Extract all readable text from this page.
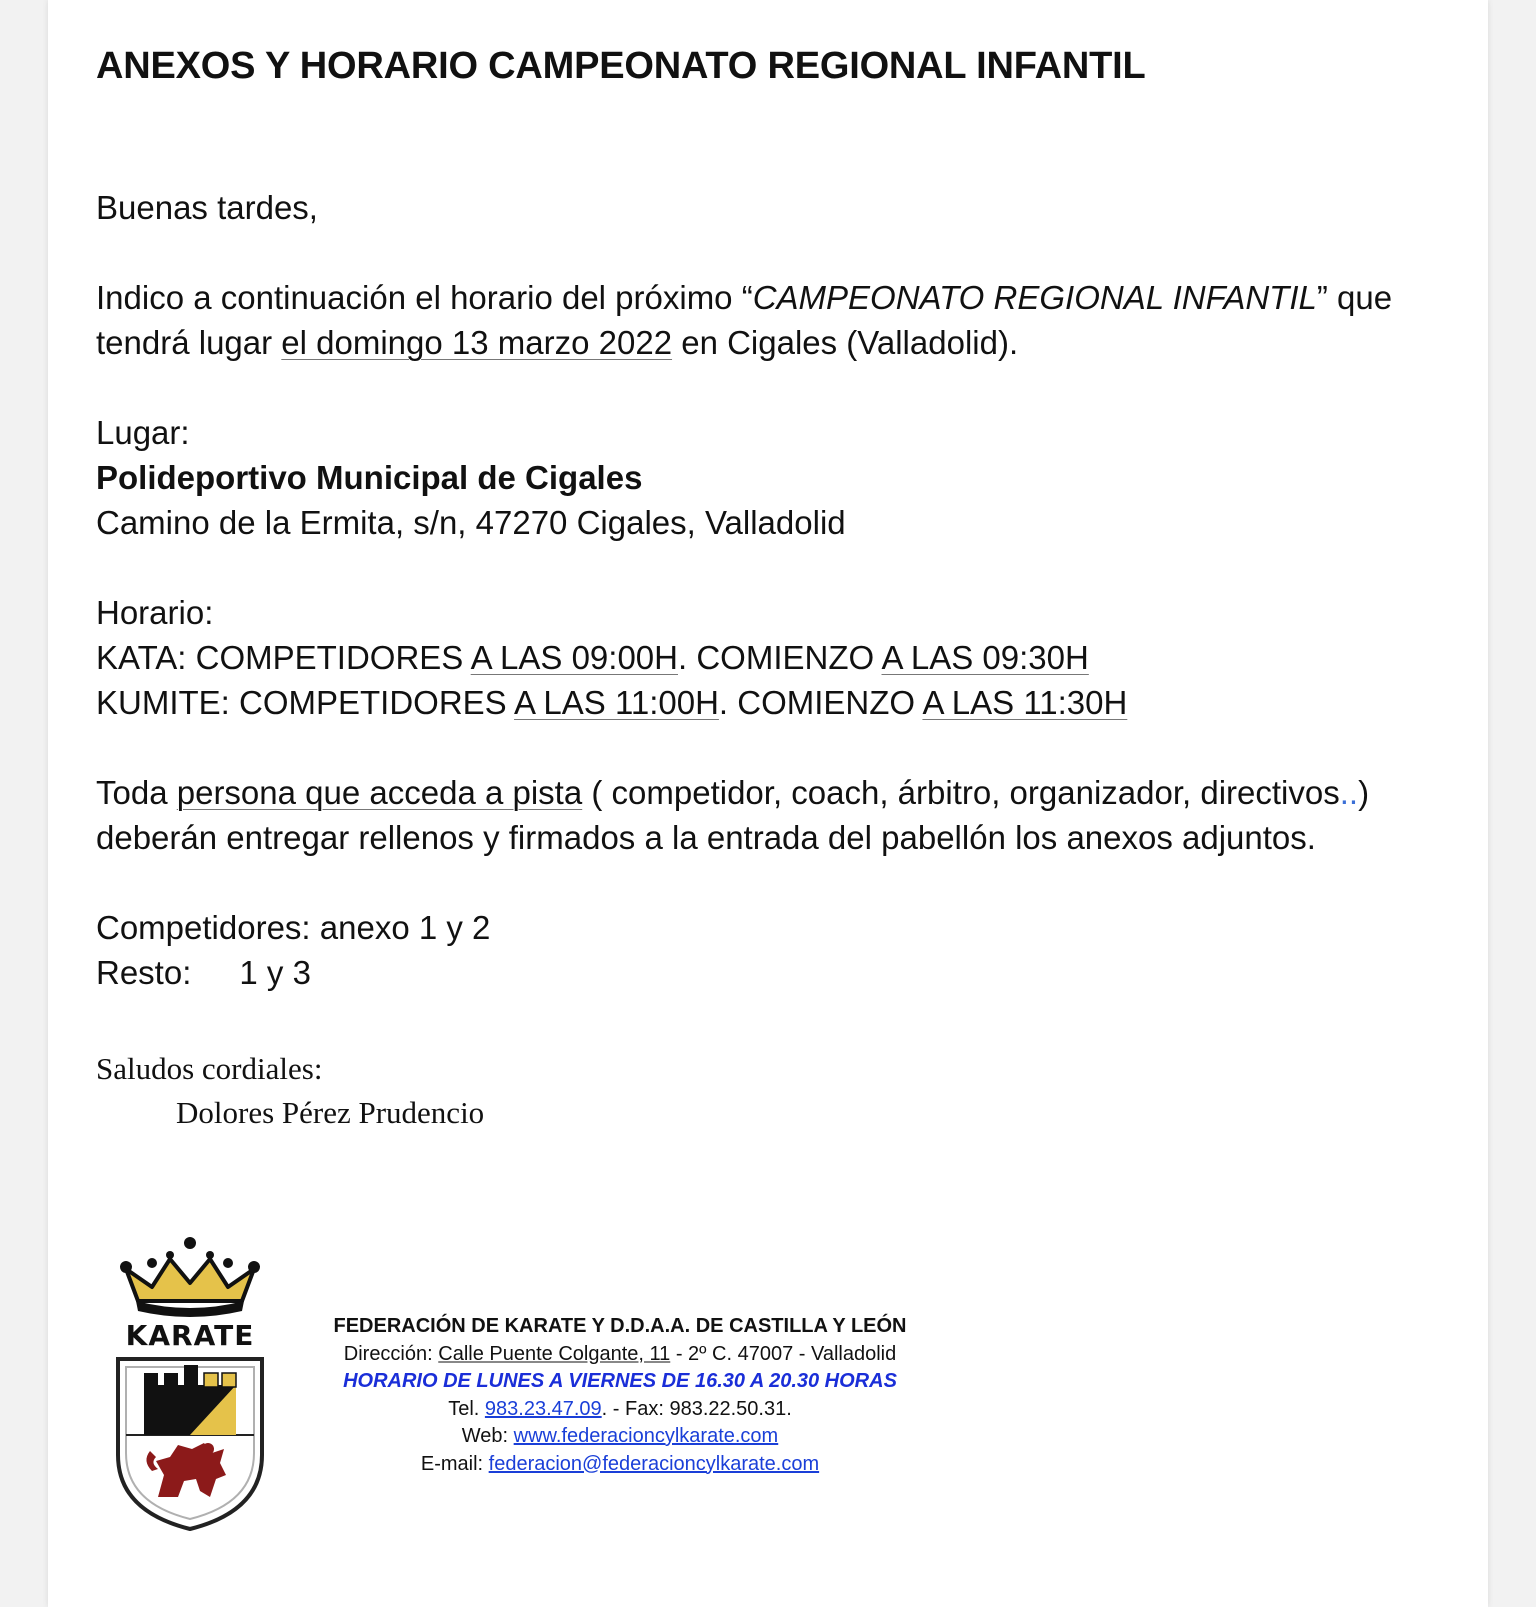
ANEXOS Y HORARIO CAMPEONATO REGIONAL INFANTIL
Buenas tardes,
Indico a continuación el horario del próximo “CAMPEONATO REGIONAL INFANTIL” que tendrá lugar el domingo 13 marzo 2022 en Cigales (Valladolid).

Lugar:

Polideportivo Municipal de Cigales

Camino de la Ermita, s/n, 47270 Cigales, Valladolid

Horario:

KATA: COMPETIDORES A LAS 09:00H. COMIENZO A LAS 09:30H

KUMITE: COMPETIDORES A LAS 11:00H. COMIENZO A LAS 11:30H

Toda persona que acceda a pista ( competidor, coach, árbitro, organizador, directivos..) deberán entregar rellenos y firmados a la entrada del pabellón los anexos adjuntos.

Competidores: anexo 1 y 2

Resto: 1 y 3

Saludos cordiales:
Dolores Pérez Prudencio
KARATE	FEDERACIÓN DE KARATE Y D.D.A.A. DE CASTILLA Y LEÓN
Dirección: Calle Puente Colgante, 11 - 2º C. 47007 - Valladolid
HORARIO DE LUNES A VIERNES DE 16.30 A 20.30 HORAS
Tel. 983.23.47.09. - Fax: 983.22.50.31.
Web: www.federacioncylkarate.com
E-mail: federacion@federacioncylkarate.com
